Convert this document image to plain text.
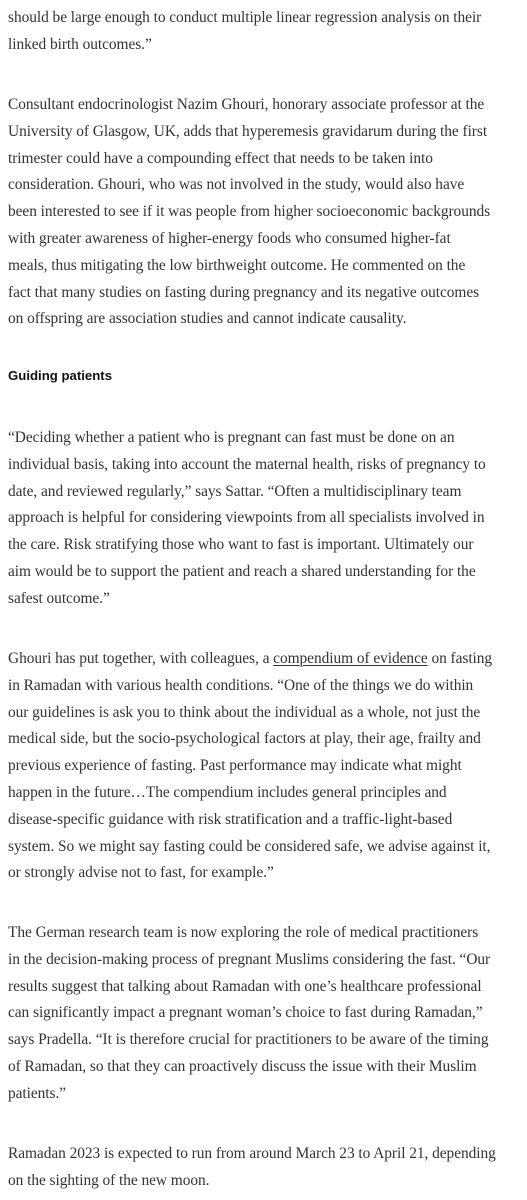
should be large enough to conduct multiple linear regression analysis on their
linked birth outcomes.”

Consultant endocrinologist Nazim Ghouri, honorary associate professor at the
University of Glasgow, UK, adds that hyperemesis gravidarum during the first
trimester could have a compounding effect that needs to be taken into
consideration. Ghouri, who was not involved in the study, would also have
been interested to see if it was people from higher socioeconomic backgrounds
with greater awareness of higher-energy foods who consumed higher-fat
meals, thus mitigating the low birthweight outcome. He commented on the
fact that many studies on fasting during pregnancy and its negative outcomes
on offspring are association studies and cannot indicate causality.

Guiding patients

“Deciding whether a patient who is pregnant can fast must be done on an
individual basis, taking into account the maternal health, risks of pregnancy to
date, and reviewed regularly,” says Sattar. “Often a multidisciplinary team
approach is helpful for considering viewpoints from all specialists involved in
the care. Risk stratifying those who want to fast is important. Ultimately our
aim would be to support the patient and reach a shared understanding for the
safest outcome.”

Ghouri has put together, with colleagues, a compendium of evidence on fasting
in Ramadan with various health conditions. “One of the things we do within
our guidelines is ask you to think about the individual as a whole, not just the
medical side, but the socio-psychological factors at play, their age, frailty and
previous experience of fasting. Past performance may indicate what might
happen in the future…The compendium includes general principles and
disease-specific guidance with risk stratification and a traffic-light-based
system. So we might say fasting could be considered safe, we advise against it,
or strongly advise not to fast, for example.”

The German research team is now exploring the role of medical practitioners
in the decision-making process of pregnant Muslims considering the fast. “Our
results suggest that talking about Ramadan with one’s healthcare professional
can significantly impact a pregnant woman’s choice to fast during Ramadan,”
says Pradella. “It is therefore crucial for practitioners to be aware of the timing
of Ramadan, so that they can proactively discuss the issue with their Muslim
patients.”

Ramadan 2023 is expected to run from around March 23 to April 21, depending
on the sighting of the new moon.
